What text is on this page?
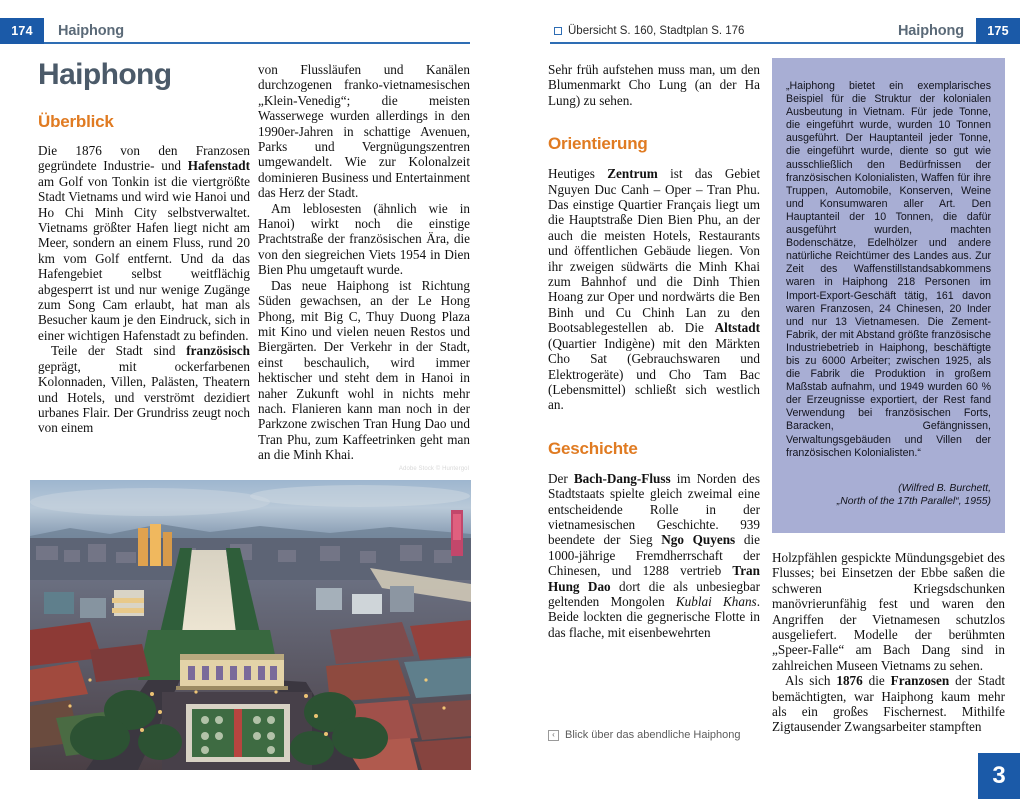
174	Haiphong	Übersicht S. 160, Stadtplan S. 176	Haiphong	175
Haiphong
Überblick

Die 1876 von den Franzosen gegründete Industrie- und Hafenstadt am Golf von Tonkin ist die viertgrößte Stadt Vietnams und wird wie Hanoi und Ho Chi Minh City selbstverwaltet. Vietnams größter Hafen liegt nicht am Meer, sondern an einem Fluss, rund 20 km vom Golf entfernt. Und da das Hafengebiet selbst weitflächig abgesperrt ist und nur wenige Zugänge zum Song Cam erlaubt, hat man als Besucher kaum je den Eindruck, sich in einer wichtigen Hafenstadt zu befinden.

Teile der Stadt sind französisch geprägt, mit ockerfarbenen Kolonnaden, Villen, Palästen, Theatern und Hotels, und verströmt dezidiert urbanes Flair. Der Grundriss zeugt noch von einem

von Flussläufen und Kanälen durchzogenen franko-vietnamesischen „Klein-Venedig“; die meisten Wasserwege wurden allerdings in den 1990er-Jahren in schattige Avenuen, Parks und Vergnügungszentren umgewandelt. Wie zur Kolonalzeit dominieren Business und Entertainment das Herz der Stadt.

Am leblosesten (ähnlich wie in Hanoi) wirkt noch die einstige Prachtstraße der französischen Ära, die von den siegreichen Viets 1954 in Dien Bien Phu umgetauft wurde.

Das neue Haiphong ist Richtung Süden gewachsen, an der Le Hong Phong, mit Big C, Thuy Duong Plaza mit Kino und vielen neuen Restos und Biergärten. Der Verkehr in der Stadt, einst beschaulich, wird immer hektischer und steht dem in Hanoi in naher Zukunft wohl in nichts mehr nach. Flanieren kann man noch in der Parkzone zwischen Tran Hung Dao und Tran Phu, zum Kaffeetrinken geht man an die Minh Khai.

Sehr früh aufstehen muss man, um den Blumenmarkt Cho Lung (an der Ha Lung) zu sehen.

Orientierung

Heutiges Zentrum ist das Gebiet Nguyen Duc Canh – Oper – Tran Phu. Das einstige Quartier Français liegt um die Hauptstraße Dien Bien Phu, an der auch die meisten Hotels, Restaurants und öffentlichen Gebäude liegen. Von ihr zweigen südwärts die Minh Khai zum Bahnhof und die Dinh Thien Hoang zur Oper und nordwärts die Ben Binh und Cu Chinh Lan zu den Bootsablegestellen ab. Die Altstadt (Quartier Indigène) mit den Märkten Cho Sat (Gebrauchswaren und Elektrogeräte) und Cho Tam Bac (Lebensmittel) schließt sich westlich an.

Geschichte

Der Bach-Dang-Fluss im Norden des Stadtstaats spielte gleich zweimal eine entscheidende Rolle in der vietnamesischen Geschichte. 939 beendete der Sieg Ngo Quyens die 1000-jährige Fremdherrschaft der Chinesen, und 1288 vertrieb Tran Hung Dao dort die als unbesiegbar geltenden Mongolen Kublai Khans. Beide lockten die gegnerische Flotte in das flache, mit eisenbewehrten

Holzpfählen gespickte Mündungsgebiet des Flusses; bei Einsetzen der Ebbe saßen die schweren Kriegsdschunken manövrierunfähig fest und waren den Angriffen der Vietnamesen schutzlos ausgeliefert. Modelle der berühmten „Speer-Falle“ am Bach Dang sind in zahlreichen Museen Vietnams zu sehen.

Als sich 1876 die Franzosen der Stadt bemächtigten, war Haiphong kaum mehr als ein großes Fischernest. Mithilfe Zigtausender Zwangsarbeiter stampften

„Haiphong bietet ein exemplarisches Beispiel für die Struktur der kolonialen Ausbeutung in Vietnam. Für jede Tonne, die eingeführt wurde, wurden 10 Tonnen ausgeführt. Der Hauptanteil jeder Tonne, die eingeführt wurde, diente so gut wie ausschließlich den Bedürfnissen der französischen Kolonialisten, Waffen für ihre Truppen, Automobile, Konserven, Weine und Konsumwaren aller Art. Den Hauptanteil der 10 Tonnen, die dafür ausgeführt wurden, machten Bodenschätze, Edelhölzer und andere natürliche Reichtümer des Landes aus. Zur Zeit des Waffenstillstandsabkommens waren in Haiphong 218 Personen im Import-Export-Geschäft tätig, 161 davon waren Franzosen, 24 Chinesen, 20 Inder und nur 13 Vietnamesen. Die Zement-Fabrik, der mit Abstand größte französische Industriebetrieb in Haiphong, beschäftigte bis zu 6000 Arbeiter; zwischen 1925, als die Fabrik die Produktion in großem Maßstab aufnahm, und 1949 wurden 60 % der Erzeugnisse exportiert, der Rest fand Verwendung bei französischen Forts, Baracken, Gefängnissen, Verwaltungsgebäuden und Villen der französischen Kolonialisten.“

(Wilfred B. Burchett,
„North of the 17th Parallel“, 1955)
Adobe Stock © Huntergol
‹ Blick über das abendliche Haiphong
3
